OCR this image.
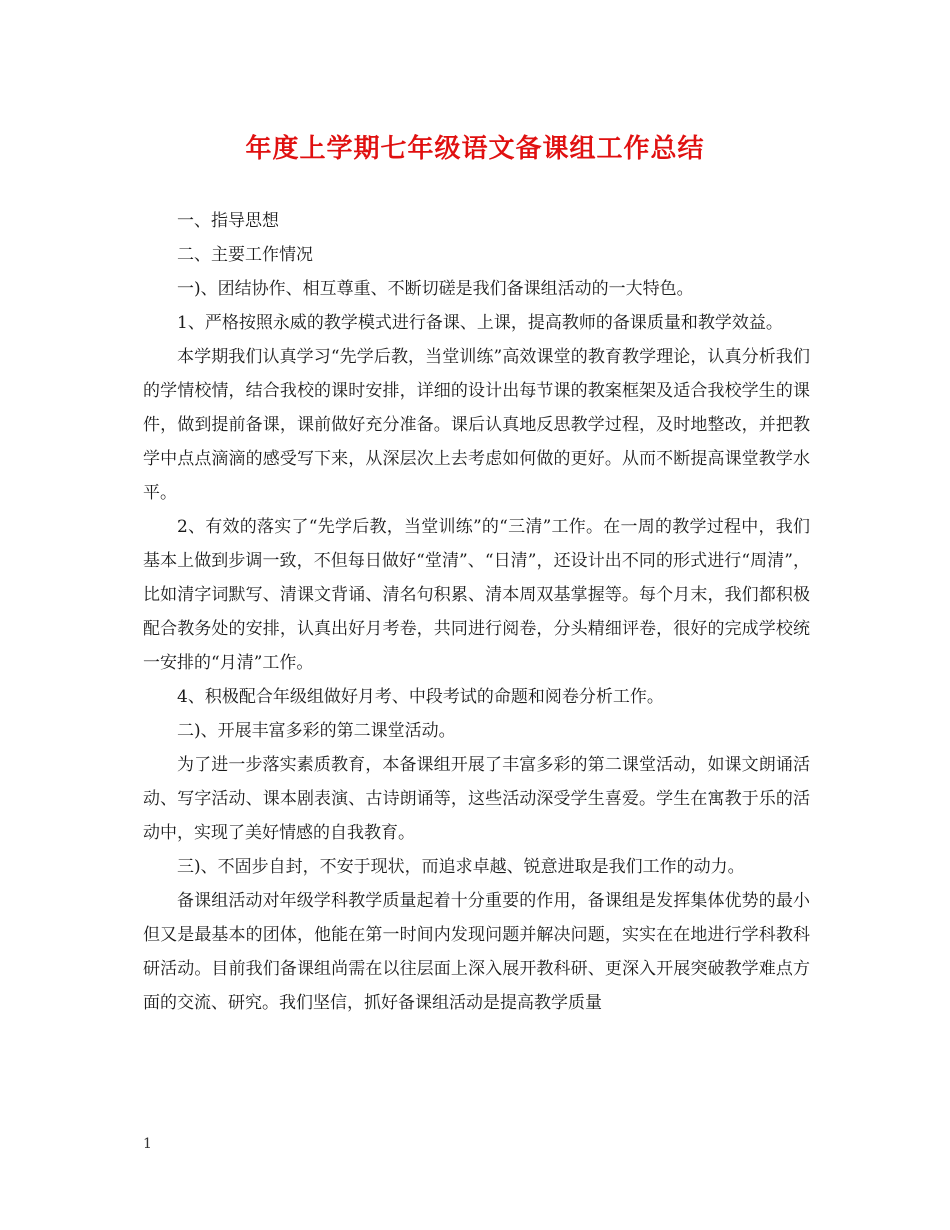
年度上学期七年级语文备课组工作总结

一、指导思想

二、主要工作情况

一)、团结协作、相互尊重、不断切磋是我们备课组活动的一大特色。

1、严格按照永威的教学模式进行备课、上课，提高教师的备课质量和教学效益。

本学期我们认真学习“先学后教，当堂训练”高效课堂的教育教学理论，认真分析我们的学情校情，结合我校的课时安排，详细的设计出每节课的教案框架及适合我校学生的课件，做到提前备课，课前做好充分准备。课后认真地反思教学过程，及时地整改，并把教学中点点滴滴的感受写下来，从深层次上去考虑如何做的更好。从而不断提高课堂教学水平。

2、有效的落实了“先学后教，当堂训练”的“三清”工作。在一周的教学过程中，我们基本上做到步调一致，不但每日做好“堂清”、“日清”，还设计出不同的形式进行“周清”，比如清字词默写、清课文背诵、清名句积累、清本周双基掌握等。每个月末，我们都积极配合教务处的安排，认真出好月考卷，共同进行阅卷，分头精细评卷，很好的完成学校统一安排的“月清”工作。

4、积极配合年级组做好月考、中段考试的命题和阅卷分析工作。

二)、开展丰富多彩的第二课堂活动。

为了进一步落实素质教育，本备课组开展了丰富多彩的第二课堂活动，如课文朗诵活动、写字活动、课本剧表演、古诗朗诵等，这些活动深受学生喜爱。学生在寓教于乐的活动中，实现了美好情感的自我教育。

三)、不固步自封，不安于现状，而追求卓越、锐意进取是我们工作的动力。

备课组活动对年级学科教学质量起着十分重要的作用，备课组是发挥集体优势的最小但又是最基本的团体，他能在第一时间内发现问题并解决问题，实实在在地进行学科教科研活动。目前我们备课组尚需在以往层面上深入展开教科研、更深入开展突破教学难点方面的交流、研究。我们坚信，抓好备课组活动是提高教学质量

1
